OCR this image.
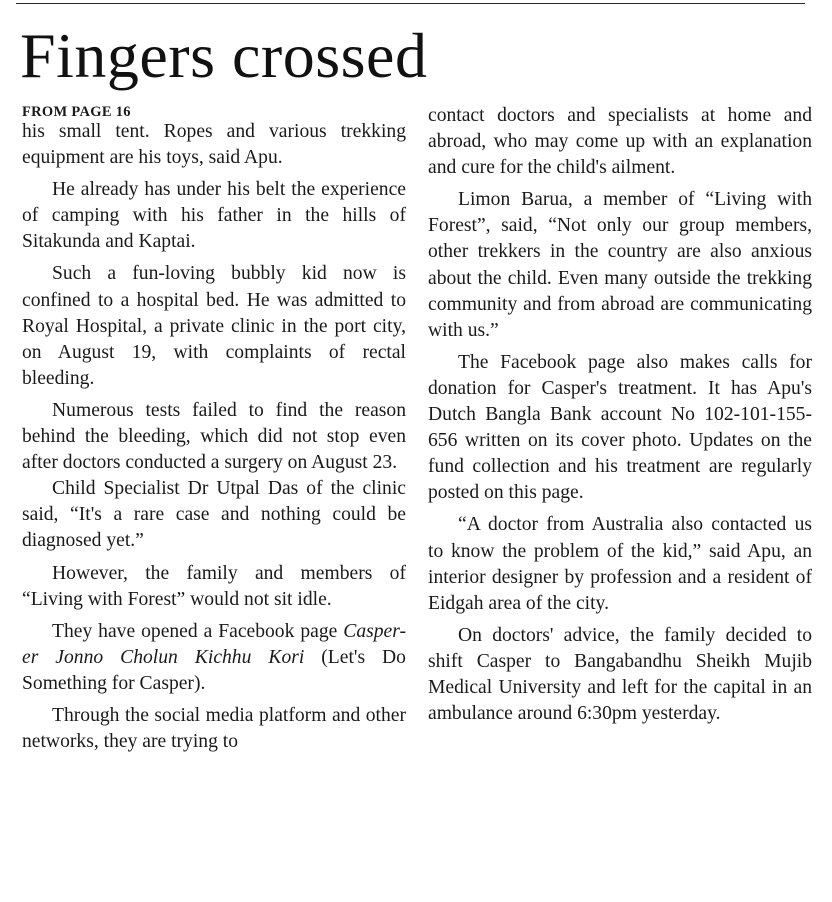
Fingers crossed
FROM PAGE 16

his small tent. Ropes and various trekking equipment are his toys, said Apu.

He already has under his belt the experience of camping with his father in the hills of Sitakunda and Kaptai.

Such a fun-loving bubbly kid now is confined to a hospital bed. He was admitted to Royal Hospital, a private clinic in the port city, on August 19, with complaints of rectal bleeding.

Numerous tests failed to find the reason behind the bleeding, which did not stop even after doctors conducted a surgery on August 23.

Child Specialist Dr Utpal Das of the clinic said, “It's a rare case and nothing could be diagnosed yet.”

However, the family and members of “Living with Forest” would not sit idle.

They have opened a Facebook page Casper-er Jonno Cholun Kichhu Kori (Let's Do Something for Casper).

Through the social media platform and other networks, they are trying to

contact doctors and specialists at home and abroad, who may come up with an explanation and cure for the child's ailment.

Limon Barua, a member of “Living with Forest”, said, “Not only our group members, other trekkers in the country are also anxious about the child. Even many outside the trekking community and from abroad are communicating with us.”

The Facebook page also makes calls for donation for Casper's treatment. It has Apu's Dutch Bangla Bank account No 102-101-155-656 written on its cover photo. Updates on the fund collection and his treatment are regularly posted on this page.

“A doctor from Australia also contacted us to know the problem of the kid,” said Apu, an interior designer by profession and a resident of Eidgah area of the city.

On doctors' advice, the family decided to shift Casper to Bangabandhu Sheikh Mujib Medical University and left for the capital in an ambulance around 6:30pm yesterday.
